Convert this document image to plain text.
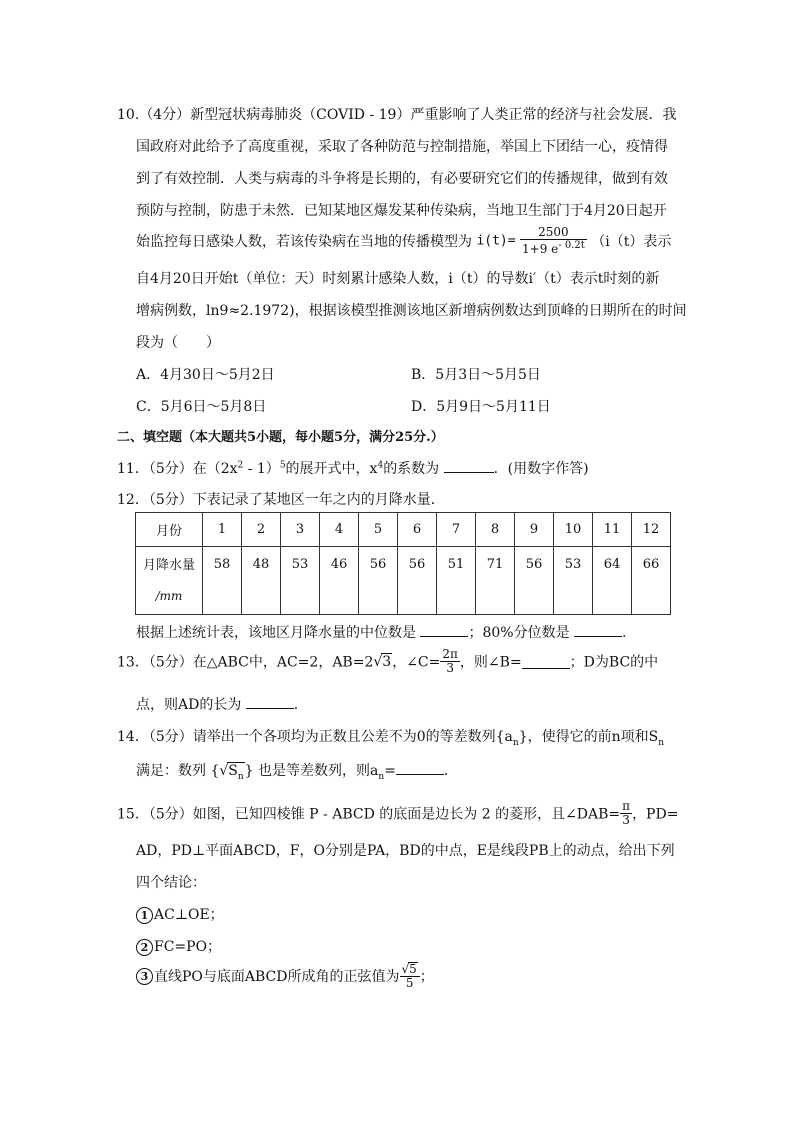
10.（4分）新型冠状病毒肺炎（COVID - 19）严重影响了人类正常的经济与社会发展．我
国政府对此给予了高度重视，采取了各种防范与控制措施，举国上下团结一心，疫情得
到了有效控制．人类与病毒的斗争将是长期的，有必要研究它们的传播规律，做到有效
预防与控制，防患于未然．已知某地区爆发某种传染病，当地卫生部门于4月20日起开
始监控每日感染人数，若该传染病在当地的传播模型为 $i(t)= \frac{2500}{1+9 e^{- 0.2t}} (i(t)$表示
自4月20日开始t（单位：天）时刻累计感染人数，i（t）的导数i′（t）表示t时刻的新
增病例数，ln9≈2.1972)，根据该模型推测该地区新增病例数达到顶峰的日期所在的时间
段为（　　）
A．4月30日～5月2日	B．5月3日～5月5日
C．5月6日～5月8日	D．5月9日～5月11日
二、填空题（本大题共5小题，每小题5分，满分25分.）
11．（5分）在$(2x^2 - 1)^5$的展开式中，$x^4$的系数为	．(用数字作答)
12．（5分）下表记录了某地区一年之内的月降水量．
月份	1	2	3	4	5	6	7	8	9	10	11	12

月降水量
/mm	58	48	53	46	56	56	51	71	56	53	64	66
根据上述统计表，该地区月降水量的中位数是	；80%分位数是	.
13．（5分）在△ABC中，AC=2，AB=2√3，∠C= $\frac{2\pi}{3}$ ，则∠B=	；D为BC的中
点，则AD的长为	．
14．（5分）请举出一个各项均为正数且公差不为0的等差数列$\{a_n\}$，使得它的前n项和$S_n$
满足：数列 $\{√S_n\}$ 也是等差数列，则$a_n=$	．
15．（5分）如图，已知四棱锥 P - ABCD 的底面是边长为 2 的菱形，且∠DAB= $\frac{\pi}{3}$ ，PD=
AD，PD⊥平面ABCD，F，O分别是PA，BD的中点，E是线段PB上的动点，给出下列
四个结论：
1 AC⊥OE；
2 FC=PO；
3 直线PO与底面ABCD所成角的正弦值为 $\frac{√5}{5}$ ；
